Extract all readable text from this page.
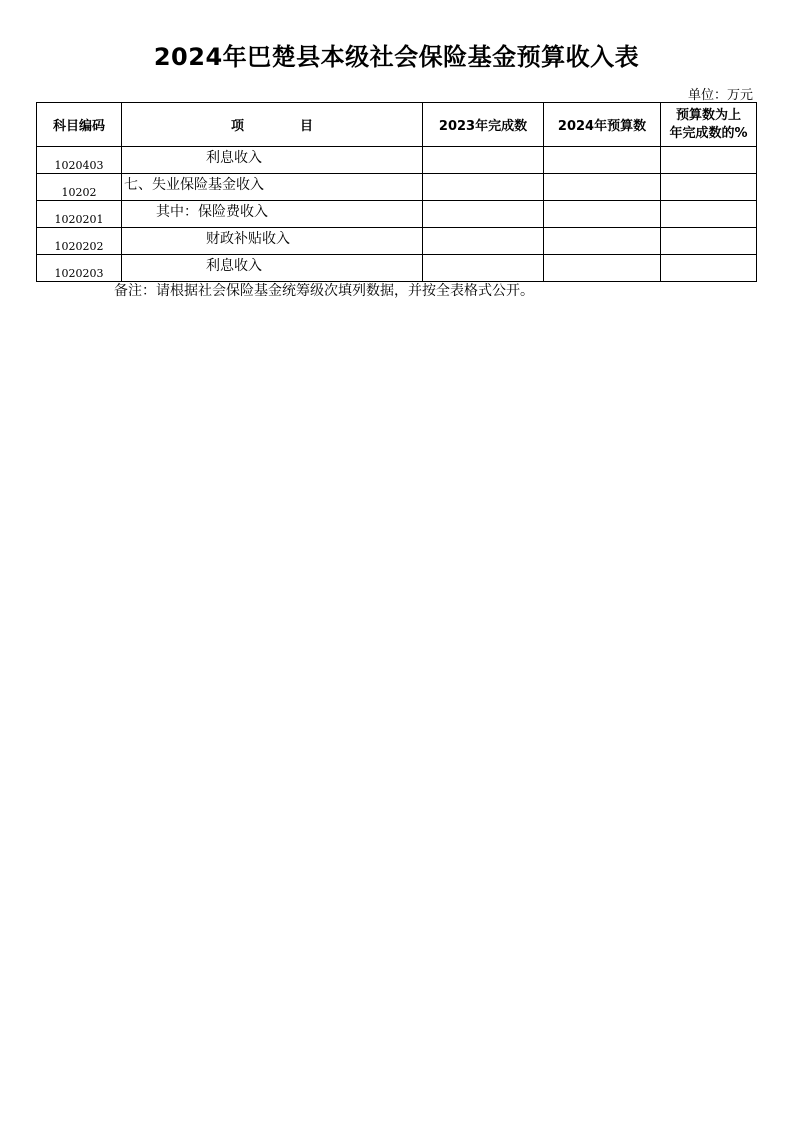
2024年巴楚县本级社会保险基金预算收入表
单位：万元
科目编码	项 目	2023年完成数	2024年预算数	预算数为上
年完成数的%
1020403	利息收入			
10202	七、失业保险基金收入			
1020201	其中：保险费收入			
1020202	财政补贴收入			
1020203	利息收入			
备注：请根据社会保险基金统筹级次填列数据，并按全表格式公开。
